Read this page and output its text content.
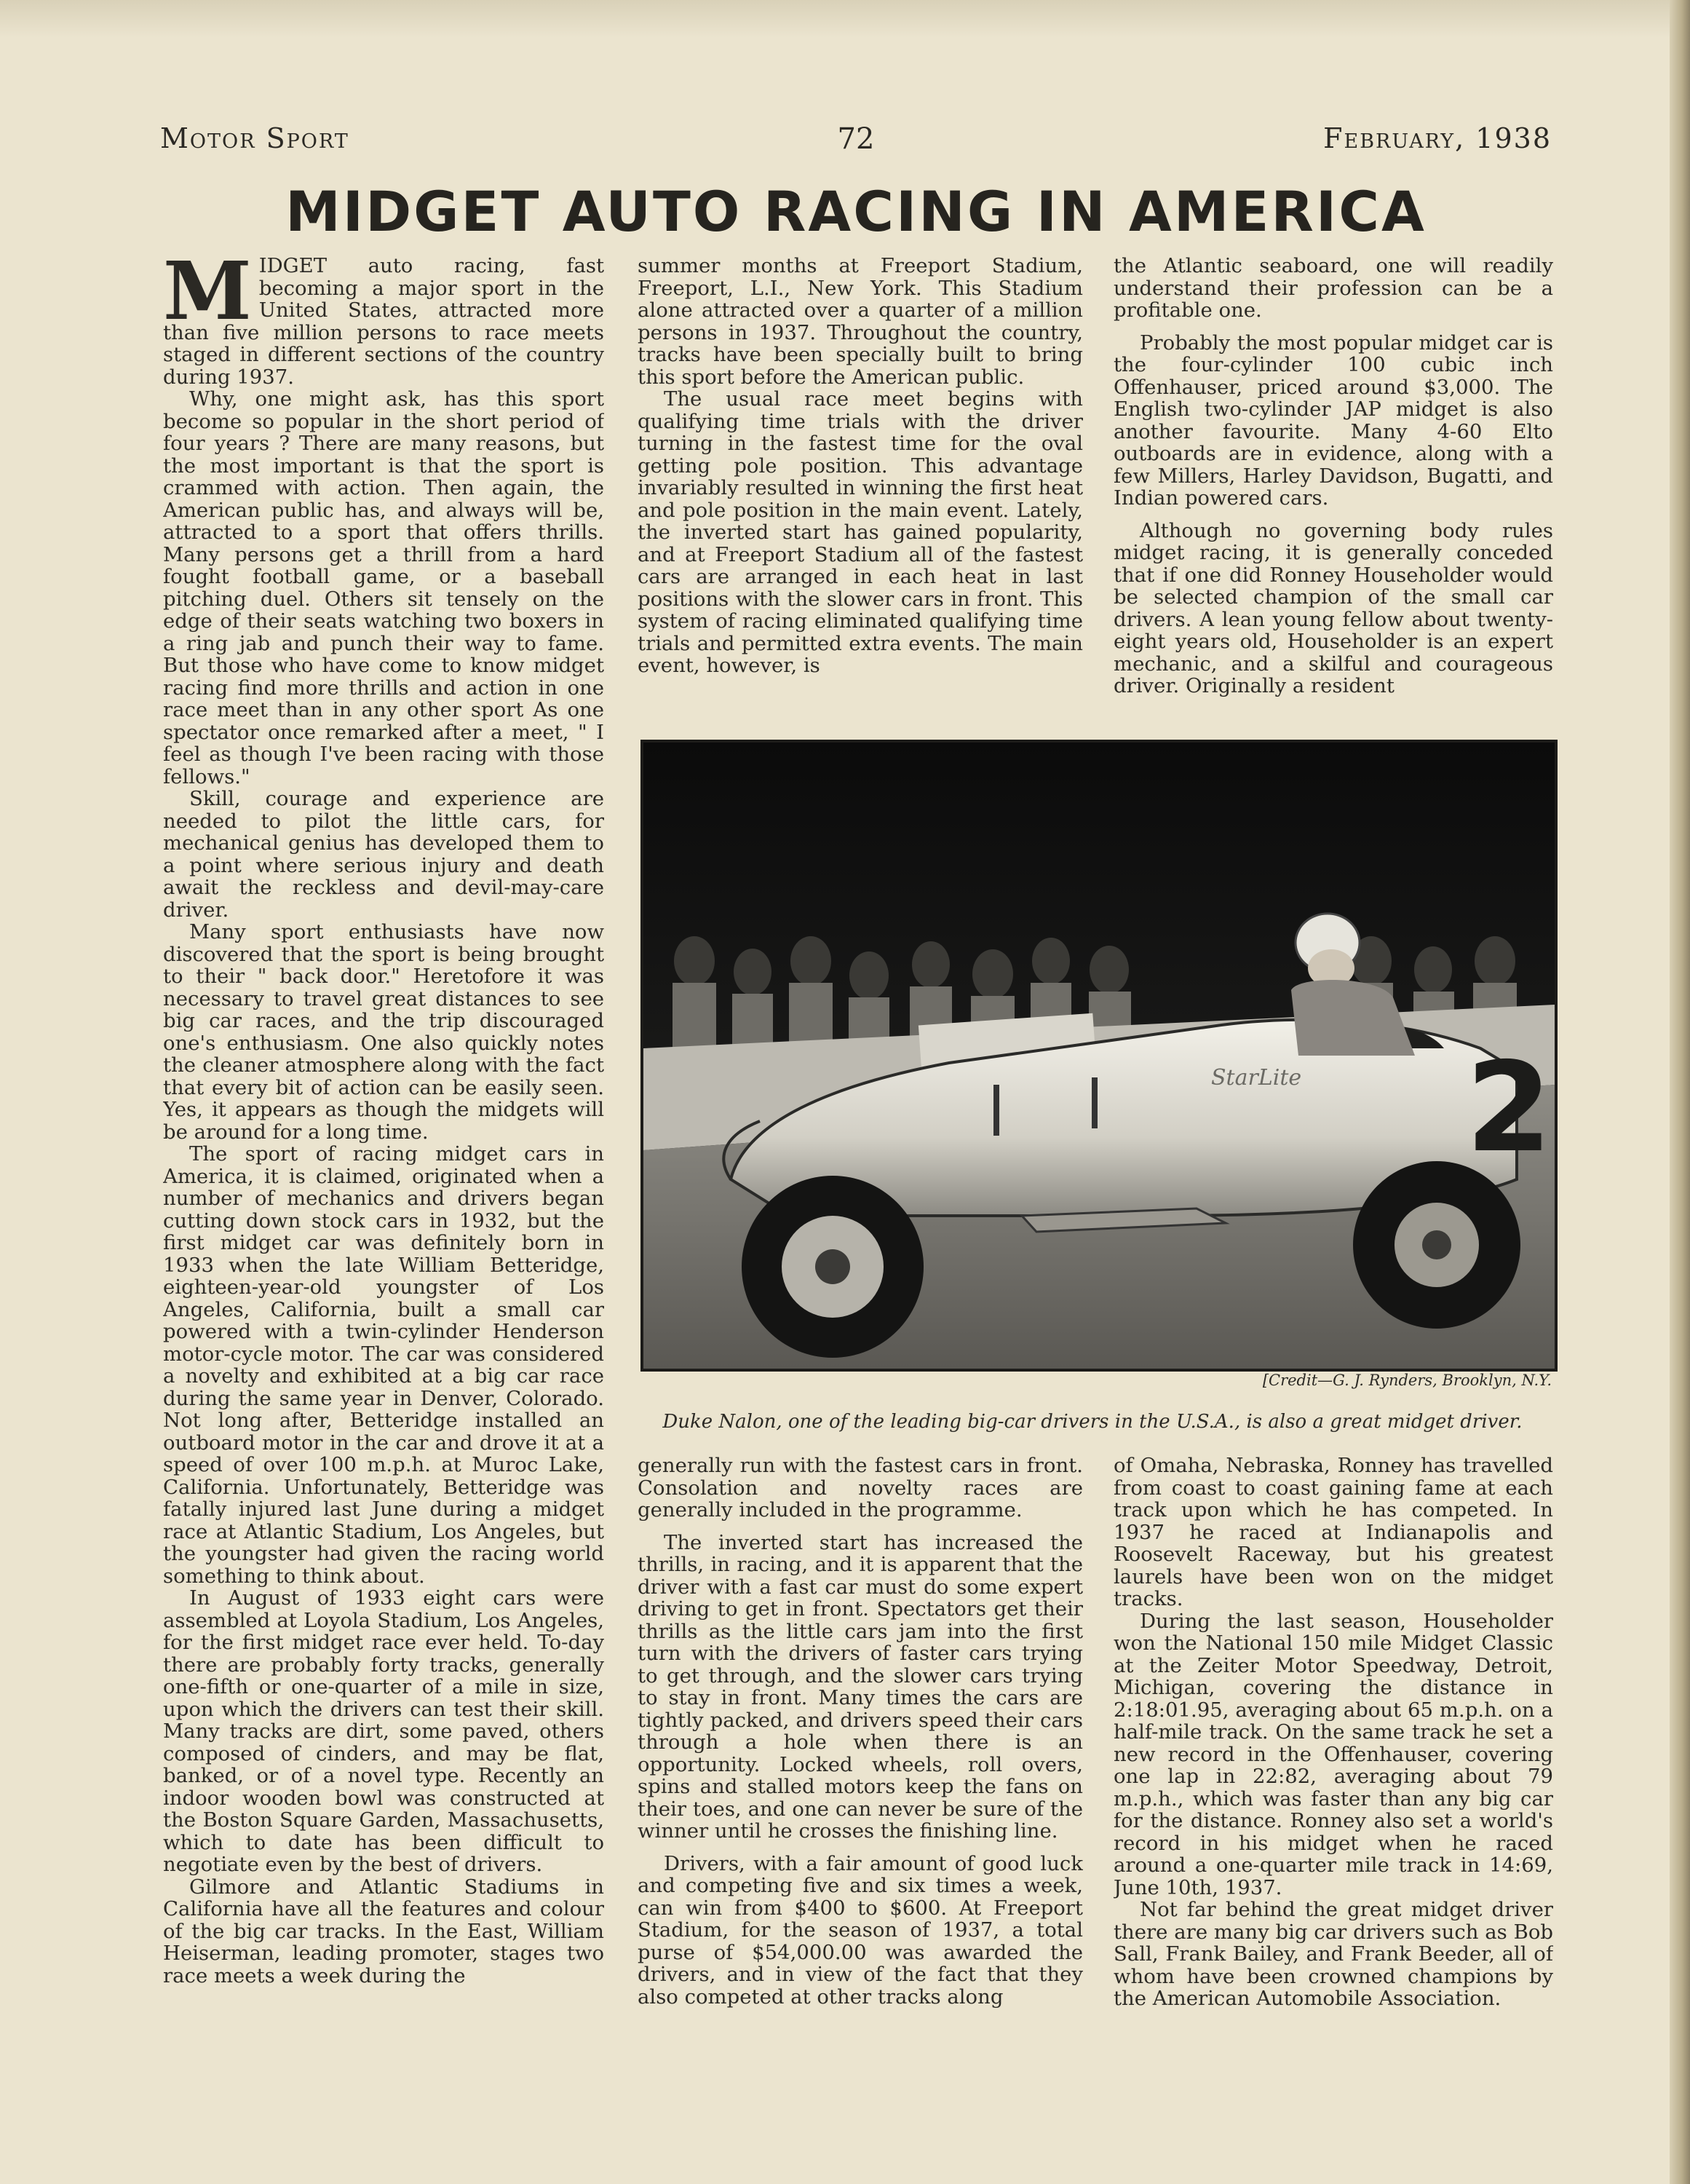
Motor Sport	72	February, 1938
MIDGET AUTO RACING IN AMERICA

MIDGET auto racing, fast becoming a major sport in the United States, attracted more than five million persons to race meets staged in different sections of the country during 1937.

Why, one might ask, has this sport become so popular in the short period of four years ? There are many reasons, but the most important is that the sport is crammed with action. Then again, the American public has, and always will be, attracted to a sport that offers thrills. Many persons get a thrill from a hard fought football game, or a baseball pitching duel. Others sit tensely on the edge of their seats watching two boxers in a ring jab and punch their way to fame. But those who have come to know midget racing find more thrills and action in one race meet than in any other sport As one spectator once remarked after a meet, " I feel as though I've been racing with those fellows."

Skill, courage and experience are needed to pilot the little cars, for mechanical genius has developed them to a point where serious injury and death await the reckless and devil-may-care driver.

Many sport enthusiasts have now discovered that the sport is being brought to their " back door." Heretofore it was necessary to travel great distances to see big car races, and the trip discouraged one's enthusiasm. One also quickly notes the cleaner atmosphere along with the fact that every bit of action can be easily seen. Yes, it appears as though the midgets will be around for a long time.

The sport of racing midget cars in America, it is claimed, originated when a number of mechanics and drivers began cutting down stock cars in 1932, but the first midget car was definitely born in 1933 when the late William Betteridge, eighteen-year-old youngster of Los Angeles, California, built a small car powered with a twin-cylinder Henderson motor-cycle motor. The car was considered a novelty and exhibited at a big car race during the same year in Denver, Colorado. Not long after, Betteridge installed an outboard motor in the car and drove it at a speed of over 100 m.p.h. at Muroc Lake, California. Unfortunately, Betteridge was fatally injured last June during a midget race at Atlantic Stadium, Los Angeles, but the youngster had given the racing world something to think about.

In August of 1933 eight cars were assembled at Loyola Stadium, Los Angeles, for the first midget race ever held. To-day there are probably forty tracks, generally one-fifth or one-quarter of a mile in size, upon which the drivers can test their skill. Many tracks are dirt, some paved, others composed of cinders, and may be flat, banked, or of a novel type. Recently an indoor wooden bowl was constructed at the Boston Square Garden, Massachusetts, which to date has been difficult to negotiate even by the best of drivers.

Gilmore and Atlantic Stadiums in California have all the features and colour of the big car tracks. In the East, William Heiserman, leading promoter, stages two race meets a week during the

summer months at Freeport Stadium, Freeport, L.I., New York. This Stadium alone attracted over a quarter of a million persons in 1937. Throughout the country, tracks have been specially built to bring this sport before the American public.

The usual race meet begins with qualifying time trials with the driver turning in the fastest time for the oval getting pole position. This advantage invariably resulted in winning the first heat and pole position in the main event. Lately, the inverted start has gained popularity, and at Freeport Stadium all of the fastest cars are arranged in each heat in last positions with the slower cars in front. This system of racing eliminated qualifying time trials and permitted extra events. The main event, however, is

the Atlantic seaboard, one will readily understand their profession can be a profitable one.

Probably the most popular midget car is the four-cylinder 100 cubic inch Offenhauser, priced around $3,000. The English two-cylinder JAP midget is also another favourite. Many 4-60 Elto outboards are in evidence, along with a few Millers, Harley Davidson, Bugatti, and Indian powered cars.

Although no governing body rules midget racing, it is generally conceded that if one did Ronney Householder would be selected champion of the small car drivers. A lean young fellow about twenty-eight years old, Householder is an expert mechanic, and a skilful and courageous driver. Originally a resident

2
StarLite
[Credit—G. J. Rynders, Brooklyn, N.Y.
Duke Nalon, one of the leading big-car drivers in the U.S.A., is also a great midget driver.

generally run with the fastest cars in front. Consolation and novelty races are generally included in the programme.

The inverted start has increased the thrills, in racing, and it is apparent that the driver with a fast car must do some expert driving to get in front. Spectators get their thrills as the little cars jam into the first turn with the drivers of faster cars trying to get through, and the slower cars trying to stay in front. Many times the cars are tightly packed, and drivers speed their cars through a hole when there is an opportunity. Locked wheels, roll overs, spins and stalled motors keep the fans on their toes, and one can never be sure of the winner until he crosses the finishing line.

Drivers, with a fair amount of good luck and competing five and six times a week, can win from $400 to $600. At Freeport Stadium, for the season of 1937, a total purse of $54,000.00 was awarded the drivers, and in view of the fact that they also competed at other tracks along

of Omaha, Nebraska, Ronney has travelled from coast to coast gaining fame at each track upon which he has competed. In 1937 he raced at Indianapolis and Roosevelt Raceway, but his greatest laurels have been won on the midget tracks.

During the last season, Householder won the National 150 mile Midget Classic at the Zeiter Motor Speedway, Detroit, Michigan, covering the distance in 2:18:01.95, averaging about 65 m.p.h. on a half-mile track. On the same track he set a new record in the Offenhauser, covering one lap in 22:82, averaging about 79 m.p.h., which was faster than any big car for the distance. Ronney also set a world's record in his midget when he raced around a one-quarter mile track in 14:69, June 10th, 1937.

Not far behind the great midget driver there are many big car drivers such as Bob Sall, Frank Bailey, and Frank Beeder, all of whom have been crowned champions by the American Automobile Association.
